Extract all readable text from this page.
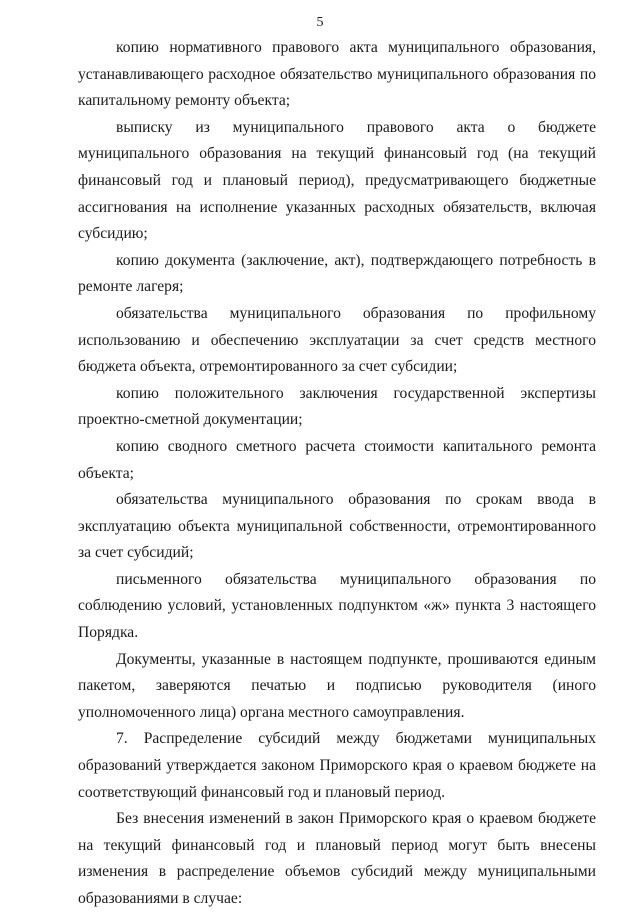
5

копию нормативного правового акта муниципального образования, устанавливающего расходное обязательство муниципального образования по капитальному ремонту объекта;

выписку из муниципального правового акта о бюджете муниципального образования на текущий финансовый год (на текущий финансовый год и плановый период), предусматривающего бюджетные ассигнования на исполнение указанных расходных обязательств, включая субсидию;

копию документа (заключение, акт), подтверждающего потребность в ремонте лагеря;

обязательства муниципального образования по профильному использованию и обеспечению эксплуатации за счет средств местного бюджета объекта, отремонтированного за счет субсидии;

копию положительного заключения государственной экспертизы проектно-сметной документации;

копию сводного сметного расчета стоимости капитального ремонта объекта;

обязательства муниципального образования по срокам ввода в эксплуатацию объекта муниципальной собственности, отремонтированного за счет субсидий;

письменного обязательства муниципального образования по соблюдению условий, установленных подпунктом «ж» пункта 3 настоящего Порядка.

Документы, указанные в настоящем подпункте, прошиваются единым пакетом, заверяются печатью и подписью руководителя (иного уполномоченного лица) органа местного самоуправления.

7. Распределение субсидий между бюджетами муниципальных образований утверждается законом Приморского края о краевом бюджете на соответствующий финансовый год и плановый период.

Без внесения изменений в закон Приморского края о краевом бюджете на текущий финансовый год и плановый период могут быть внесены изменения в распределение объемов субсидий между муниципальными образованиями в случае:
